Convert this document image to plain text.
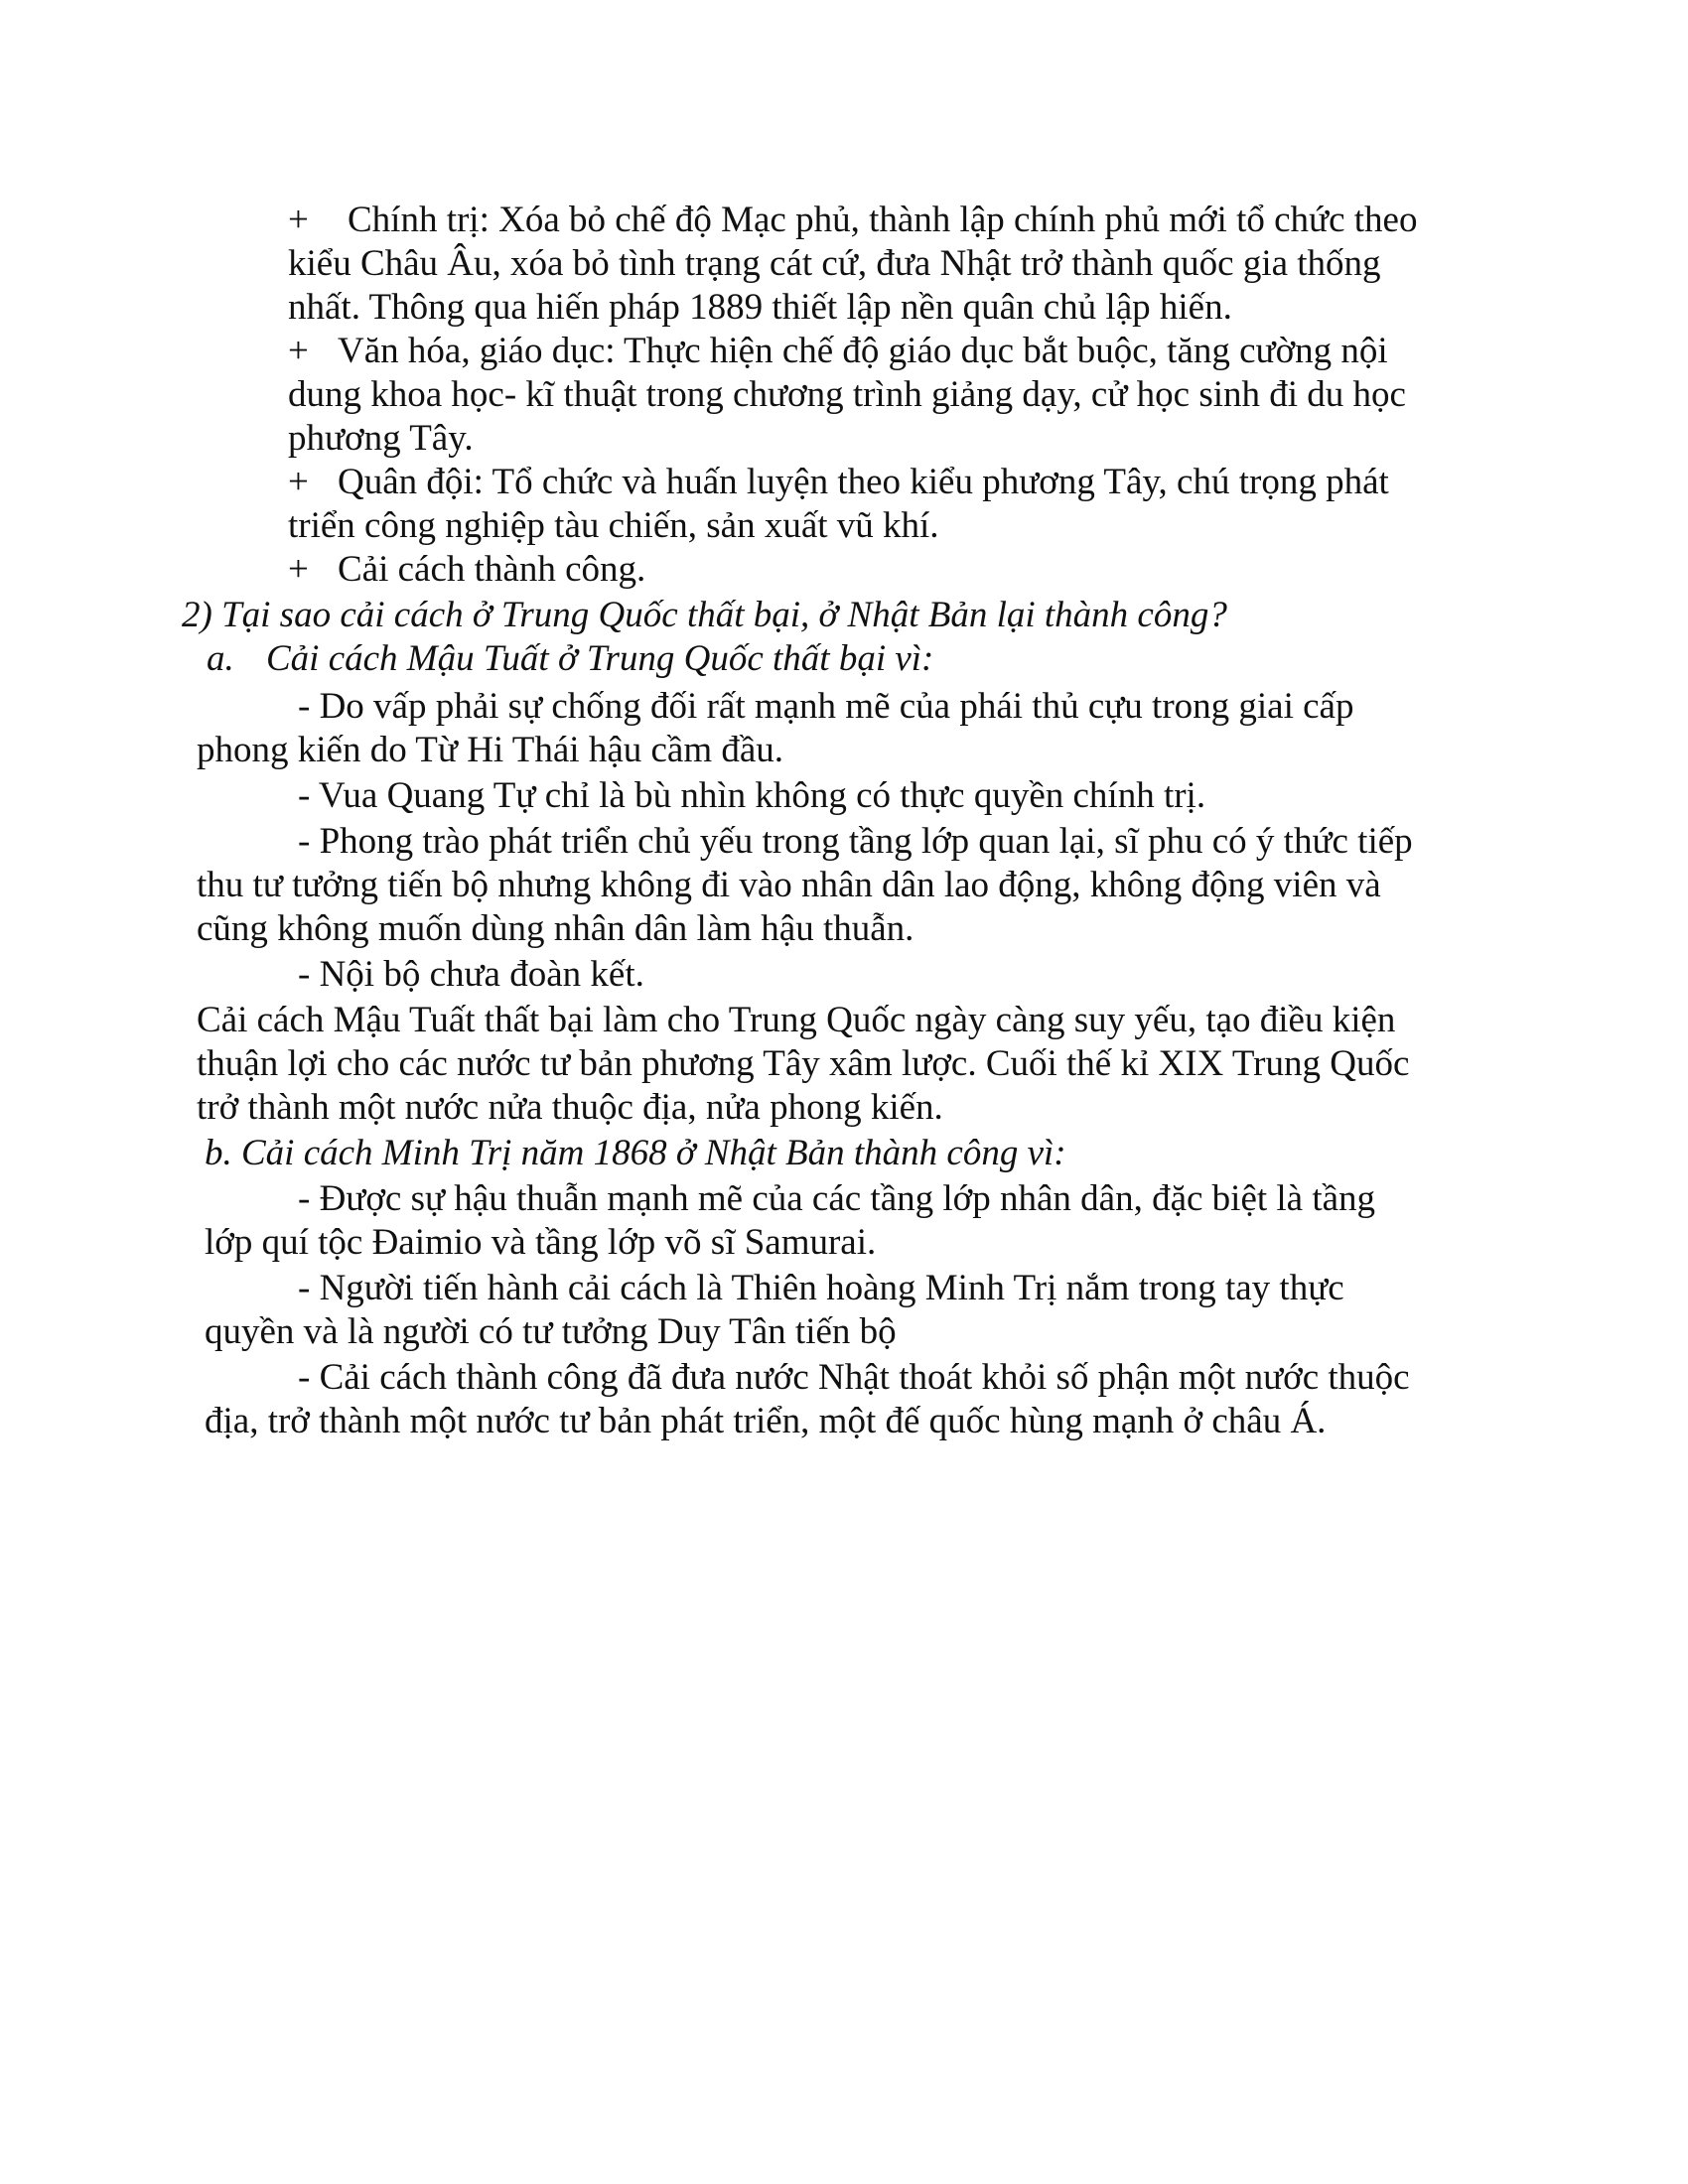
+ Chính trị: Xóa bỏ chế độ Mạc phủ, thành lập chính phủ mới tổ chức theo
kiểu Châu Âu, xóa bỏ tình trạng cát cứ, đưa Nhật trở thành quốc gia thống
nhất. Thông qua hiến pháp 1889 thiết lập nền quân chủ lập hiến.
+ Văn hóa, giáo dục: Thực hiện chế độ giáo dục bắt buộc, tăng cường nội
dung khoa học- kĩ thuật trong chương trình giảng dạy, cử học sinh đi du học
phương Tây.
+ Quân đội: Tổ chức và huấn luyện theo kiểu phương Tây, chú trọng phát
triển công nghiệp tàu chiến, sản xuất vũ khí.
+ Cải cách thành công.
2) Tại sao cải cách ở Trung Quốc thất bại, ở Nhật Bản lại thành công?
a. Cải cách Mậu Tuất ở Trung Quốc thất bại vì:
- Do vấp phải sự chống đối rất mạnh mẽ của phái thủ cựu trong giai cấp
phong kiến do Từ Hi Thái hậu cầm đầu.
- Vua Quang Tự chỉ là bù nhìn không có thực quyền chính trị.
- Phong trào phát triển chủ yếu trong tầng lớp quan lại, sĩ phu có ý thức tiếp
thu tư tưởng tiến bộ nhưng không đi vào nhân dân lao động, không động viên và
cũng không muốn dùng nhân dân làm hậu thuẫn.
- Nội bộ chưa đoàn kết.
Cải cách Mậu Tuất thất bại làm cho Trung Quốc ngày càng suy yếu, tạo điều kiện
thuận lợi cho các nước tư bản phương Tây xâm lược. Cuối thế kỉ XIX Trung Quốc
trở thành một nước nửa thuộc địa, nửa phong kiến.
b. Cải cách Minh Trị năm 1868 ở Nhật Bản thành công vì:
- Được sự hậu thuẫn mạnh mẽ của các tầng lớp nhân dân, đặc biệt là tầng
lớp quí tộc Đaimio và tầng lớp võ sĩ Samurai.
- Người tiến hành cải cách là Thiên hoàng Minh Trị nắm trong tay thực
quyền và là người có tư tưởng Duy Tân tiến bộ
- Cải cách thành công đã đưa nước Nhật thoát khỏi số phận một nước thuộc
địa, trở thành một nước tư bản phát triển, một đế quốc hùng mạnh ở châu Á.
